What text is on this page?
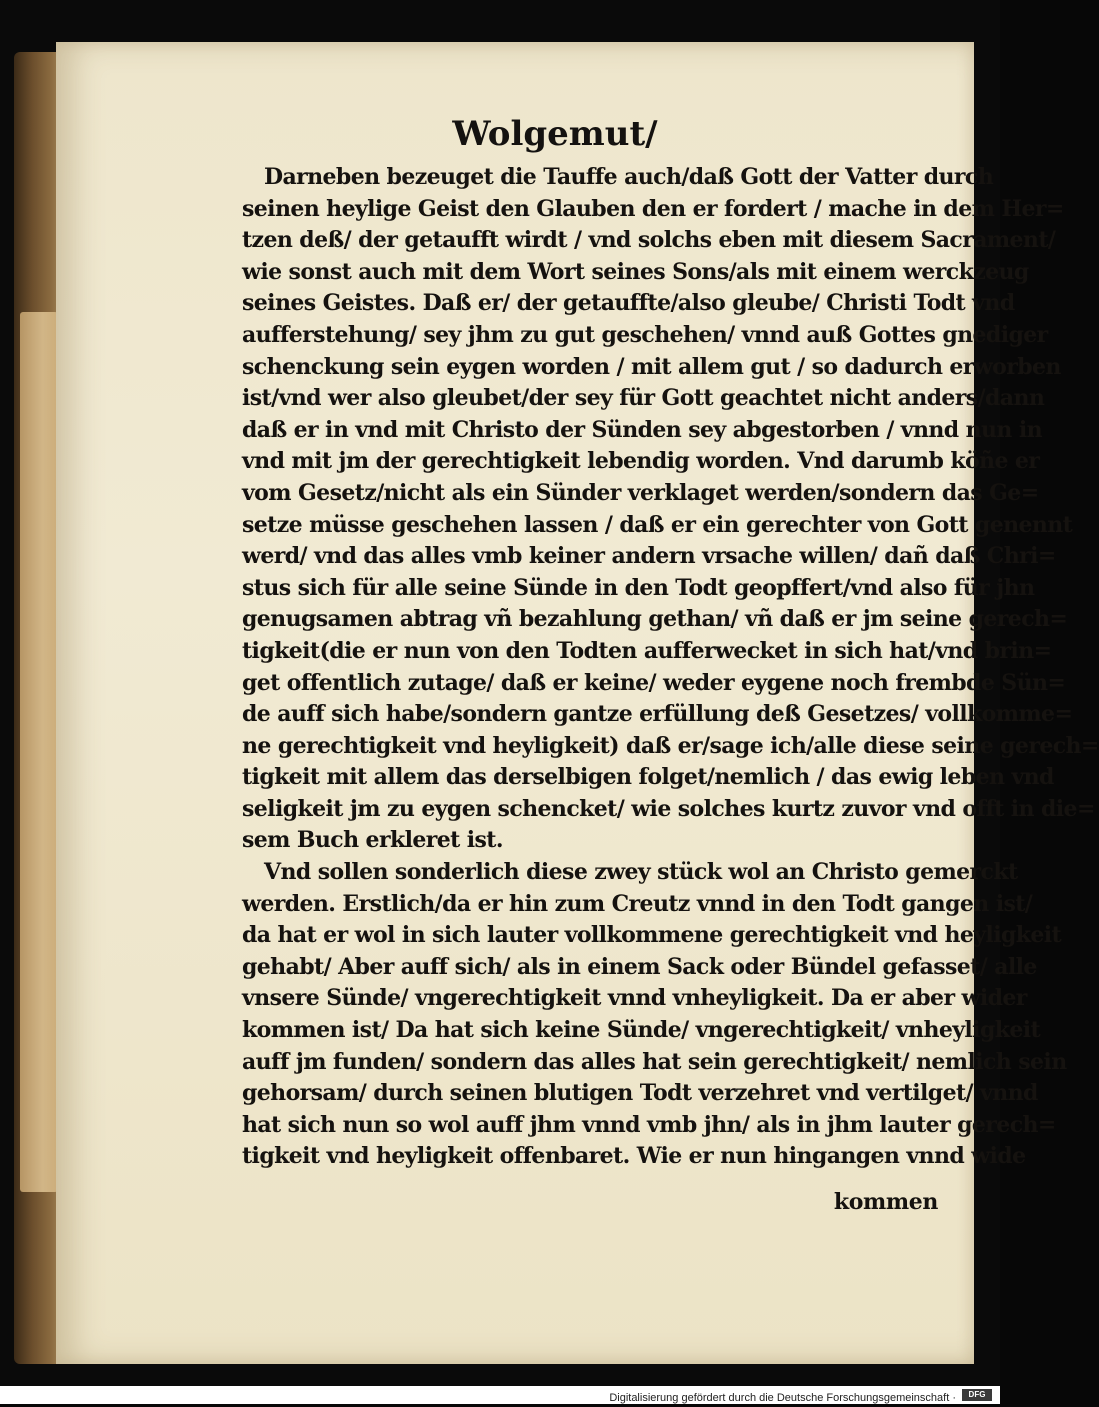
Wolgemut/
Darneben bezeuget die Tauffe auch/daß Gott der Vatter durch
seinen heylige Geist den Glauben den er fordert / mache in dem Her=
tzen deß/ der getaufft wirdt / vnd solchs eben mit diesem Sacrament/
wie sonst auch mit dem Wort seines Sons/als mit einem werckzeug
seines Geistes. Daß er/ der getauffte/also gleube/ Christi Todt vnd
aufferstehung/ sey jhm zu gut geschehen/ vnnd auß Gottes gnediger
schenckung sein eygen worden / mit allem gut / so dadurch erworben
ist/vnd wer also gleubet/der sey für Gott geachtet nicht anders/dann
daß er in vnd mit Christo der Sünden sey abgestorben / vnnd nun in
vnd mit jm der gerechtigkeit lebendig worden. Vnd darumb köñe er
vom Gesetz/nicht als ein Sünder verklaget werden/sondern das Ge=
setze müsse geschehen lassen / daß er ein gerechter von Gott genennt
werd/ vnd das alles vmb keiner andern vrsache willen/ dañ daß Chri=
stus sich für alle seine Sünde in den Todt geopffert/vnd also für jhn
genugsamen abtrag vñ bezahlung gethan/ vñ daß er jm seine gerech=
tigkeit(die er nun von den Todten aufferwecket in sich hat/vnd brin=
get offentlich zutage/ daß er keine/ weder eygene noch frembde Sün=
de auff sich habe/sondern gantze erfüllung deß Gesetzes/ vollkomme=
ne gerechtigkeit vnd heyligkeit) daß er/sage ich/alle diese seine gerech=
tigkeit mit allem das derselbigen folget/nemlich / das ewig leben vnd
seligkeit jm zu eygen schencket/ wie solches kurtz zuvor vnd offt in die=
sem Buch erkleret ist.
Vnd sollen sonderlich diese zwey stück wol an Christo gemerckt
werden. Erstlich/da er hin zum Creutz vnnd in den Todt gangen ist/
da hat er wol in sich lauter vollkommene gerechtigkeit vnd heyligkeit
gehabt/ Aber auff sich/ als in einem Sack oder Bündel gefasset/ alle
vnsere Sünde/ vngerechtigkeit vnnd vnheyligkeit. Da er aber wider
kommen ist/ Da hat sich keine Sünde/ vngerechtigkeit/ vnheyligkeit
auff jm funden/ sondern das alles hat sein gerechtigkeit/ nemlich sein
gehorsam/ durch seinen blutigen Todt verzehret vnd vertilget/ vnnd
hat sich nun so wol auff jhm vnnd vmb jhn/ als in jhm lauter gerech=
tigkeit vnd heyligkeit offenbaret. Wie er nun hingangen vnnd wide
kommen
Digitalisierung gefördert durch die Deutsche Forschungsgemeinschaft ·	DFG
